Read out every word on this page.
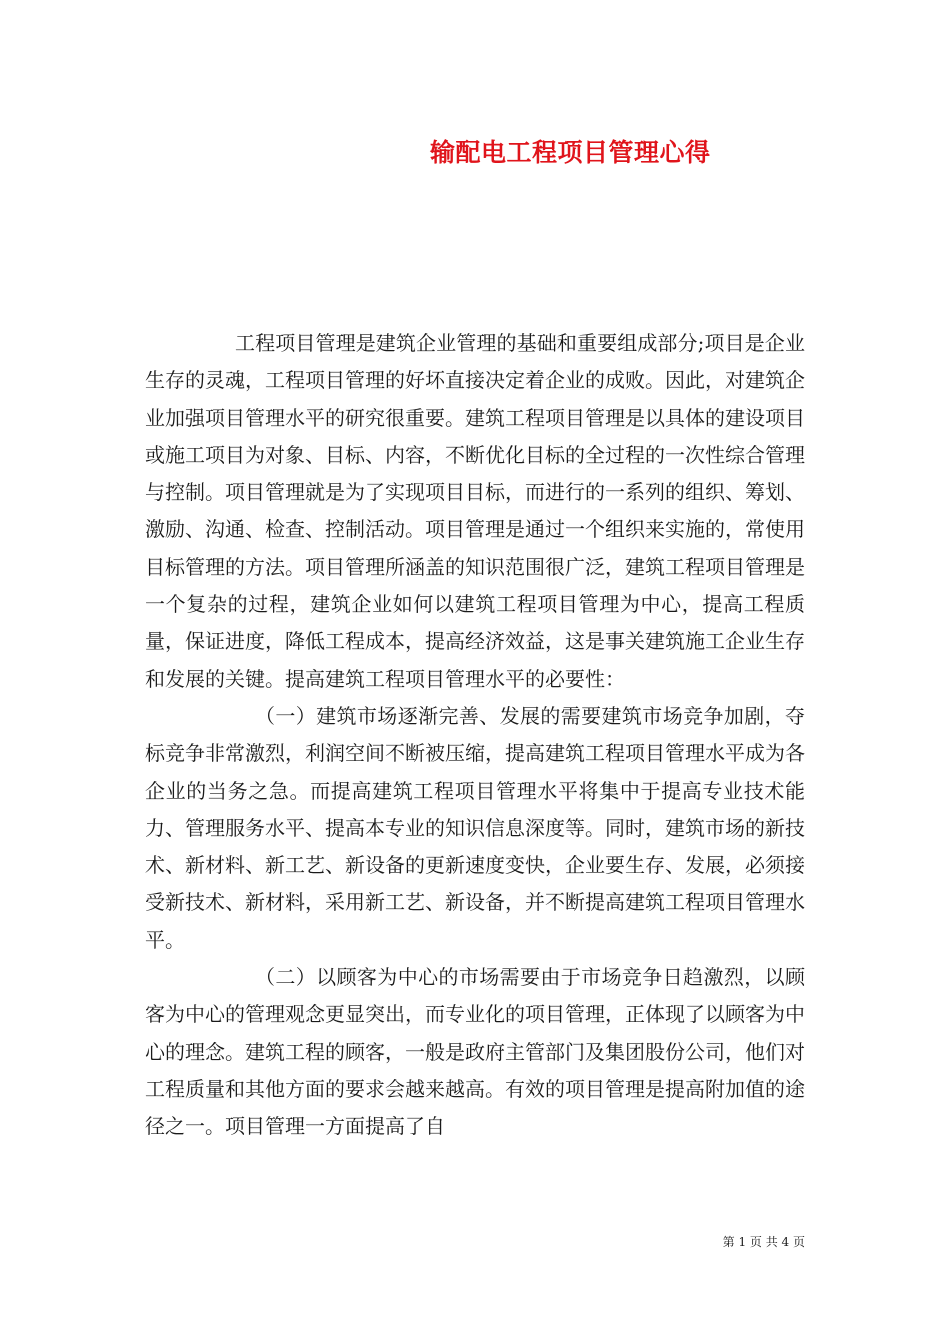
输配电工程项目管理心得

工程项目管理是建筑企业管理的基础和重要组成部分;项目是企业生存的灵魂，工程项目管理的好坏直接决定着企业的成败。因此，对建筑企业加强项目管理水平的研究很重要。建筑工程项目管理是以具体的建设项目或施工项目为对象、目标、内容，不断优化目标的全过程的一次性综合管理与控制。项目管理就是为了实现项目目标，而进行的一系列的组织、筹划、激励、沟通、检查、控制活动。项目管理是通过一个组织来实施的，常使用目标管理的方法。项目管理所涵盖的知识范围很广泛，建筑工程项目管理是一个复杂的过程，建筑企业如何以建筑工程项目管理为中心，提高工程质量，保证进度，降低工程成本，提高经济效益，这是事关建筑施工企业生存和发展的关键。提高建筑工程项目管理水平的必要性：

（一）建筑市场逐渐完善、发展的需要建筑市场竞争加剧，夺标竞争非常激烈，利润空间不断被压缩，提高建筑工程项目管理水平成为各企业的当务之急。而提高建筑工程项目管理水平将集中于提高专业技术能力、管理服务水平、提高本专业的知识信息深度等。同时，建筑市场的新技术、新材料、新工艺、新设备的更新速度变快，企业要生存、发展，必须接受新技术、新材料，采用新工艺、新设备，并不断提高建筑工程项目管理水平。

（二）以顾客为中心的市场需要由于市场竞争日趋激烈，以顾客为中心的管理观念更显突出，而专业化的项目管理，正体现了以顾客为中心的理念。建筑工程的顾客，一般是政府主管部门及集团股份公司，他们对工程质量和其他方面的要求会越来越高。有效的项目管理是提高附加值的途径之一。项目管理一方面提高了自

第 1 页 共 4 页
